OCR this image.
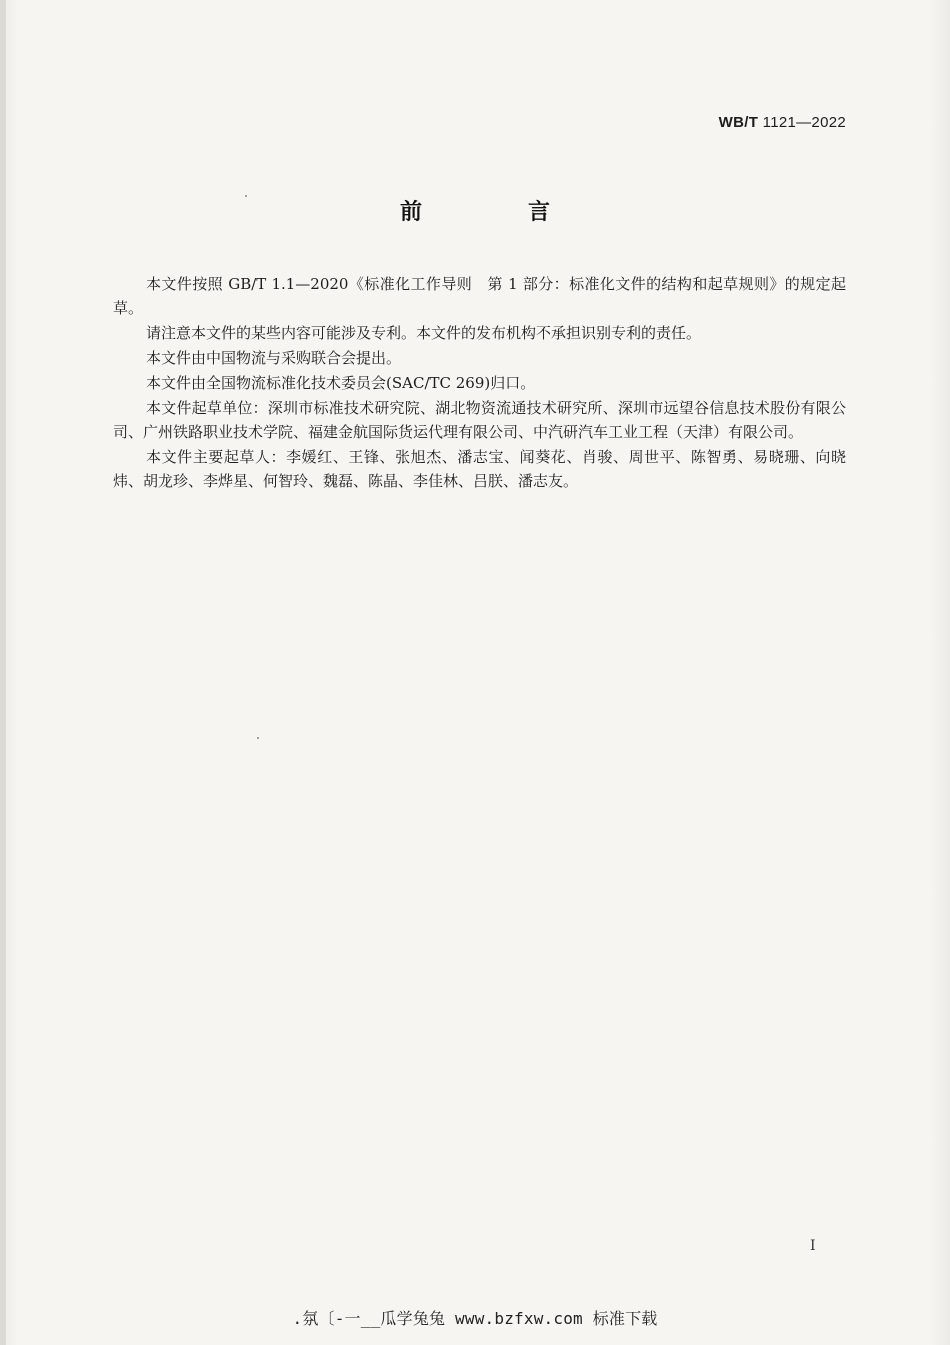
WB/T 1121—2022
前　言

本文件按照 GB/T 1.1—2020《标准化工作导则　第 1 部分：标准化文件的结构和起草规则》的规定起草。

请注意本文件的某些内容可能涉及专利。本文件的发布机构不承担识别专利的责任。

本文件由中国物流与采购联合会提出。

本文件由全国物流标准化技术委员会(SAC/TC 269)归口。

本文件起草单位：深圳市标准技术研究院、湖北物资流通技术研究所、深圳市远望谷信息技术股份有限公司、广州铁路职业技术学院、福建金航国际货运代理有限公司、中汽研汽车工业工程（天津）有限公司。

本文件主要起草人：李媛红、王锋、张旭杰、潘志宝、闻葵花、肖骏、周世平、陈智勇、易晓珊、向晓炜、胡龙珍、李烨星、何智玲、魏磊、陈晶、李佳林、吕朕、潘志友。

I
.氛〔-一__瓜学兔兔 www.bzfxw.com 标准下载
